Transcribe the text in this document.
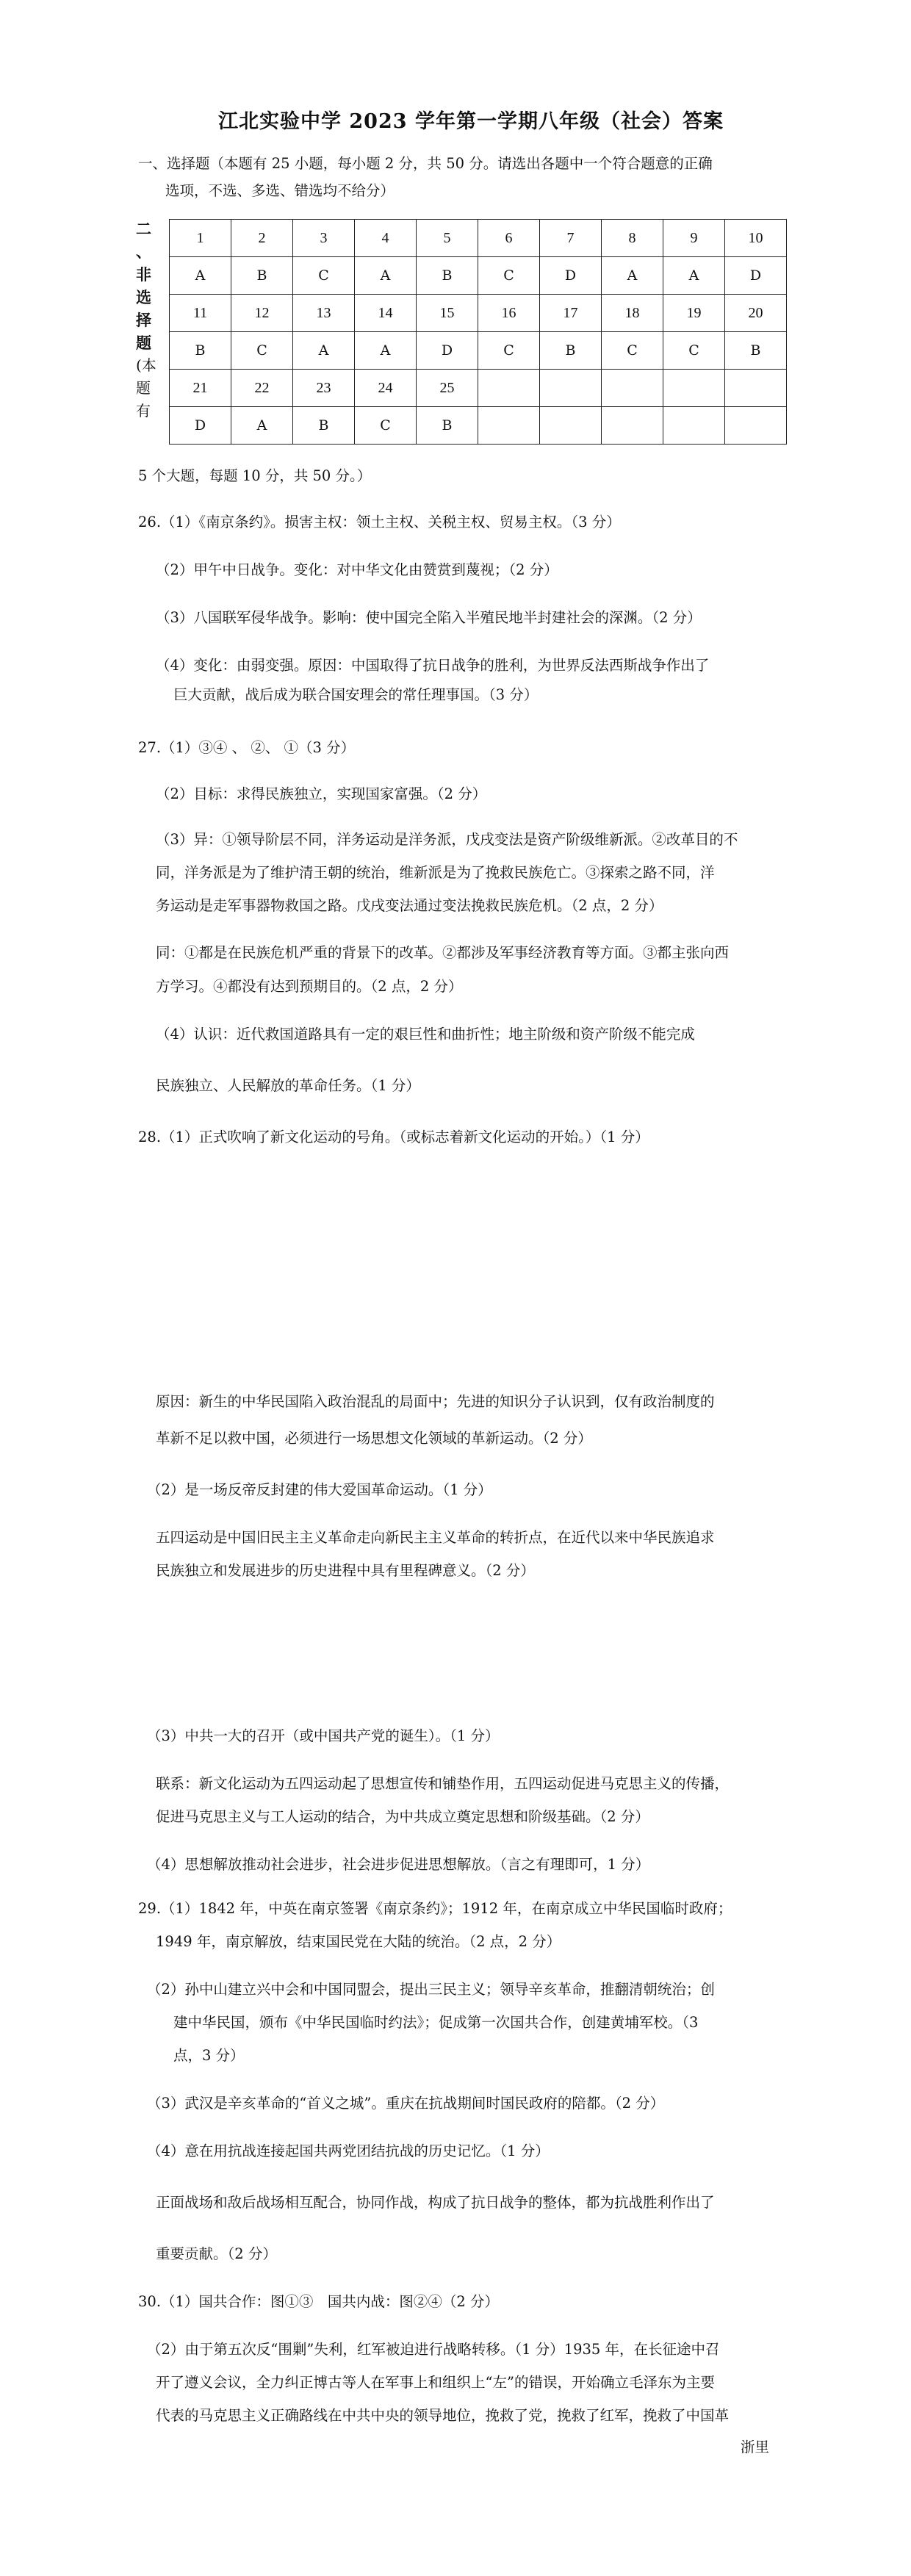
江北实验中学 2023 学年第一学期八年级（社会）答案
一、选择题（本题有 25 小题，每小题 2 分，共 50 分。请选出各题中一个符合题意的正确
选项，不选、多选、错选均不给分）
二
、
非
选
择
题
(本
题
有
1	2	3	4	5	6	7	8	9	10
A	B	C	A	B	C	D	A	A	D
11	12	13	14	15	16	17	18	19	20
B	C	A	A	D	C	B	C	C	B
21	22	23	24	25					
D	A	B	C	B					
5 个大题，每题 10 分，共 50 分。）
26.（1）《南京条约》。损害主权：领土主权、关税主权、贸易主权。（3 分）
（2）甲午中日战争。变化：对中华文化由赞赏到蔑视；（2 分）
（3）八国联军侵华战争。影响：使中国完全陷入半殖民地半封建社会的深渊。（2 分）
（4）变化：由弱变强。原因：中国取得了抗日战争的胜利，为世界反法西斯战争作出了
巨大贡献，战后成为联合国安理会的常任理事国。（3 分）
27.（1）③④ 、 ②、 ①（3 分）
（2）目标：求得民族独立，实现国家富强。（2 分）
（3）异：①领导阶层不同，洋务运动是洋务派，戊戌变法是资产阶级维新派。②改革目的不
同，洋务派是为了维护清王朝的统治，维新派是为了挽救民族危亡。③探索之路不同，洋
务运动是走军事器物救国之路。戊戌变法通过变法挽救民族危机。（2 点，2 分）
同：①都是在民族危机严重的背景下的改革。②都涉及军事经济教育等方面。③都主张向西
方学习。④都没有达到预期目的。（2 点，2 分）
（4）认识：近代救国道路具有一定的艰巨性和曲折性；地主阶级和资产阶级不能完成
民族独立、人民解放的革命任务。（1 分）
28.（1）正式吹响了新文化运动的号角。（或标志着新文化运动的开始。）（1 分）
原因：新生的中华民国陷入政治混乱的局面中；先进的知识分子认识到，仅有政治制度的
革新不足以救中国，必须进行一场思想文化领域的革新运动。（2 分）
（2）是一场反帝反封建的伟大爱国革命运动。（1 分）
五四运动是中国旧民主主义革命走向新民主主义革命的转折点，在近代以来中华民族追求
民族独立和发展进步的历史进程中具有里程碑意义。（2 分）
（3）中共一大的召开（或中国共产党的诞生）。（1 分）
联系：新文化运动为五四运动起了思想宣传和铺垫作用，五四运动促进马克思主义的传播，
促进马克思主义与工人运动的结合，为中共成立奠定思想和阶级基础。（2 分）
（4）思想解放推动社会进步，社会进步促进思想解放。（言之有理即可，1 分）
29.（1）1842 年，中英在南京签署《南京条约》；1912 年，在南京成立中华民国临时政府；
1949 年，南京解放，结束国民党在大陆的统治。（2 点，2 分）
（2）孙中山建立兴中会和中国同盟会，提出三民主义；领导辛亥革命，推翻清朝统治；创
建中华民国，颁布《中华民国临时约法》；促成第一次国共合作，创建黄埔军校。（3
点，3 分）
（3）武汉是辛亥革命的“首义之城”。重庆在抗战期间时国民政府的陪都。（2 分）
（4）意在用抗战连接起国共两党团结抗战的历史记忆。（1 分）
正面战场和敌后战场相互配合，协同作战，构成了抗日战争的整体，都为抗战胜利作出了
重要贡献。（2 分）
30.（1）国共合作：图①③　国共内战：图②④（2 分）
（2）由于第五次反“围剿”失利，红军被迫进行战略转移。（1 分）1935 年，在长征途中召
开了遵义会议，全力纠正博古等人在军事上和组织上“左”的错误，开始确立毛泽东为主要
代表的马克思主义正确路线在中共中央的领导地位，挽救了党，挽救了红军，挽救了中国革
浙里
